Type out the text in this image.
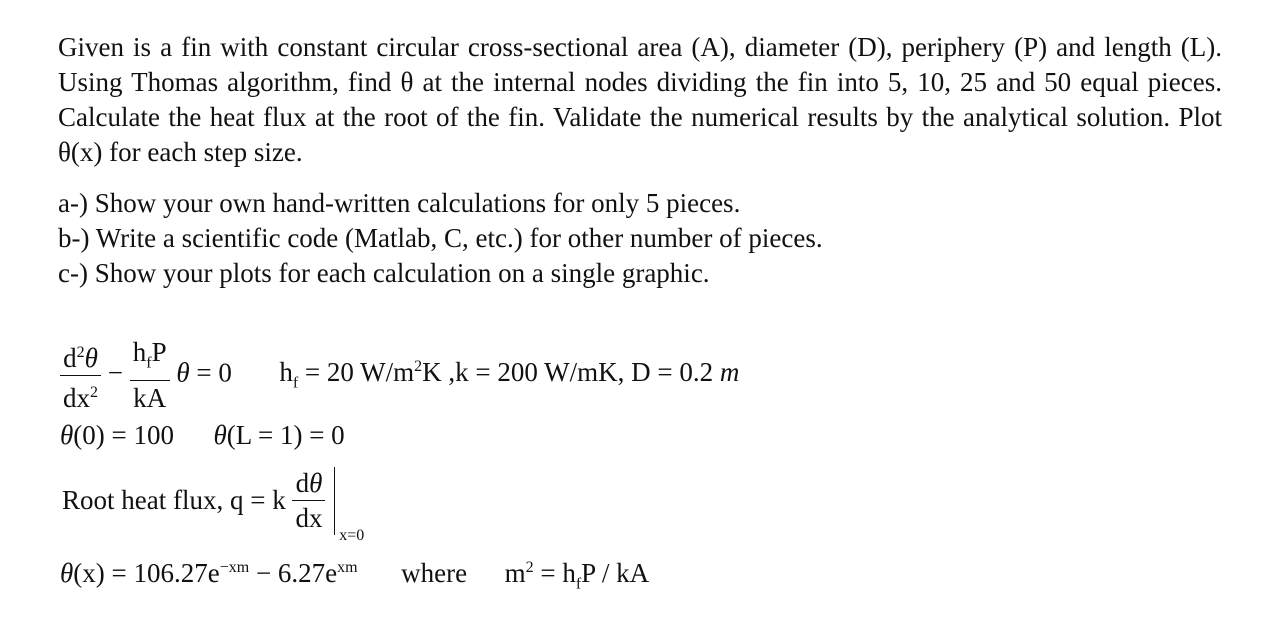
Given is a fin with constant circular cross-sectional area (A), diameter (D), periphery (P) and length (L). Using Thomas algorithm, find θ at the internal nodes dividing the fin into 5, 10, 25 and 50 equal pieces. Calculate the heat flux at the root of the fin. Validate the numerical results by the analytical solution. Plot θ(x) for each step size.
a-) Show your own hand-written calculations for only 5 pieces.
b-) Write a scientific code (Matlab, C, etc.) for other number of pieces.
c-) Show your plots for each calculation on a single graphic.
$\frac{d^2\theta}{dx^2} - \frac{h_fP}{kA}$ θ = 0 $h_f = 20$ $W/m^2K$ ,k = 200 W/mK, D = 0.2 m
θ(0) = 100 θ(L = 1) = 0
Root heat flux, q = k $\frac{d\theta}{dx}$
x=0
$\theta(x) = 106.27e^{-xm} - 6.27e^{xm}$ where $m^2 = h_fP$ / kA
